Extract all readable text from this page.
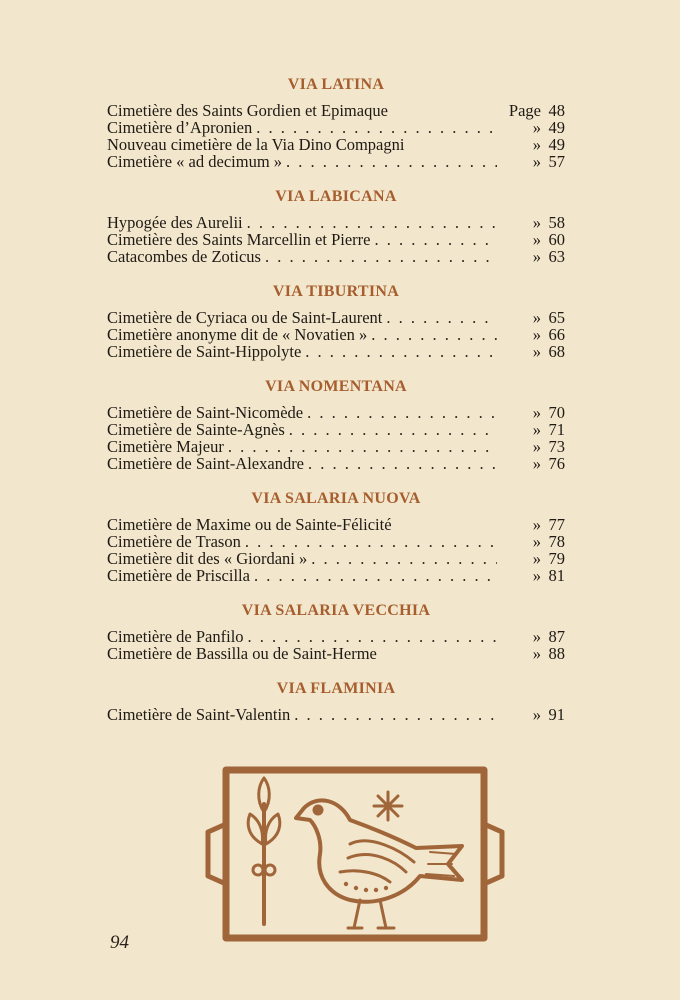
VIA LATINA
Cimetière des Saints Gordien et Epimaque	Page 48
Cimetière d’Apronien . . .	» 49
Nouveau cimetière de la Via Dino Compagni	» 49
Cimetière « ad decimum » . . .	» 57
VIA LABICANA
Hypogée des Aurelii . . .	» 58
Cimetière des Saints Marcellin et Pierre . . .	» 60
Catacombes de Zoticus . . .	» 63
VIA TIBURTINA
Cimetière de Cyriaca ou de Saint-Laurent . . .	» 65
Cimetière anonyme dit de « Novatien » . . .	» 66
Cimetière de Saint-Hippolyte . . .	» 68
VIA NOMENTANA
Cimetière de Saint-Nicomède . . .	» 70
Cimetière de Sainte-Agnès . . .	» 71
Cimetière Majeur . . .	» 73
Cimetière de Saint-Alexandre . . .	» 76
VIA SALARIA NUOVA
Cimetière de Maxime ou de Sainte-Félicité	» 77
Cimetière de Trason . . .	» 78
Cimetière dit des « Giordani » . . .	» 79
Cimetière de Priscilla . . .	» 81
VIA SALARIA VECCHIA
Cimetière de Panfilo . . .	» 87
Cimetière de Bassilla ou de Saint-Herme	» 88
VIA FLAMINIA
Cimetière de Saint-Valentin . . .	» 91
94
